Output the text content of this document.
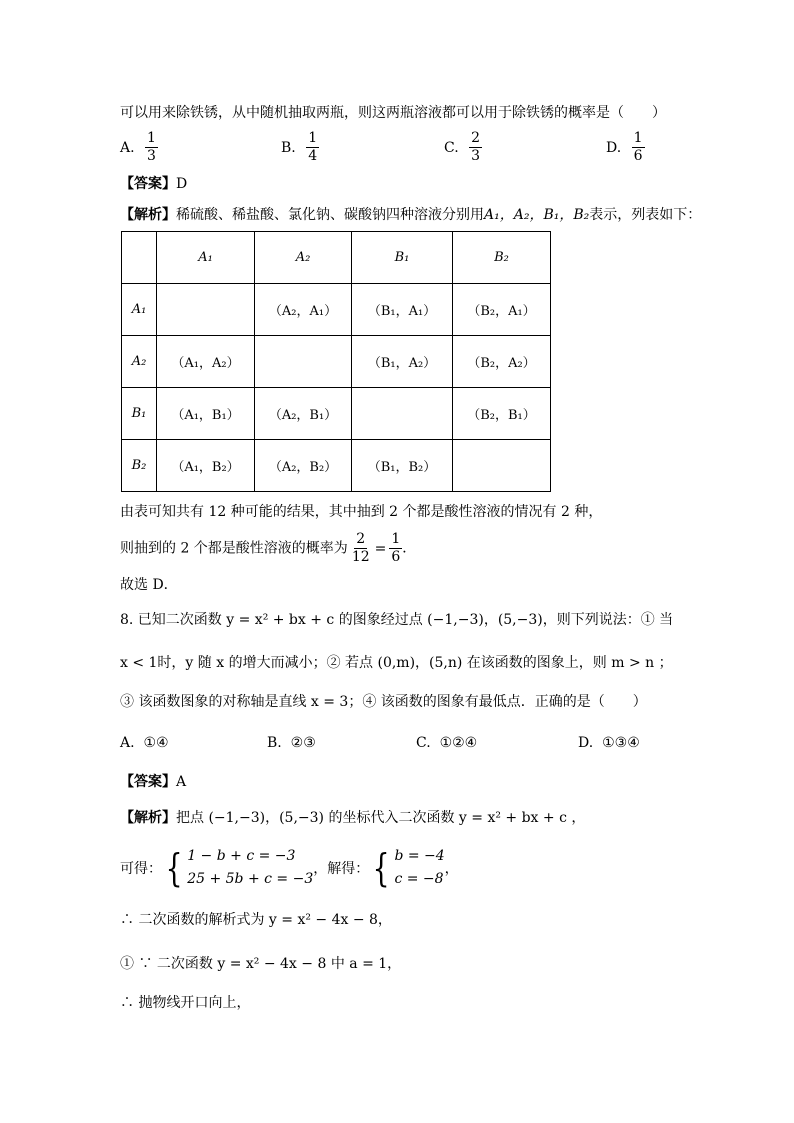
可以用来除铁锈，从中随机抽取两瓶，则这两瓶溶液都可以用于除铁锈的概率是（　　）
A. $\frac{1}{3}$	B. $\frac{1}{4}$	C. $\frac{2}{3}$	D. $\frac{1}{6}$
【答案】D
【解析】稀硫酸、稀盐酸、氯化钠、碳酸钠四种溶液分别用A₁，A₂，B₁，B₂表示，列表如下：
	A₁	A₂	B₁	B₂
A₁		（A₂，A₁）	（B₁，A₁）	（B₂，A₁）
A₂	（A₁，A₂）		（B₁，A₂）	（B₂，A₂）
B₁	（A₁，B₁）	（A₂，B₁）		（B₂，B₁）
B₂	（A₁，B₂）	（A₂，B₂）	（B₁，B₂）	
由表可知共有 12 种可能的结果，其中抽到 2 个都是酸性溶液的情况有 2 种，
则抽到的 2 个都是酸性溶液的概率为 $\frac{2}{12} = \frac{1}{6}$ ．
故选 D．
8. 已知二次函数 y = x² + bx + c 的图象经过点 (−1,−3)，(5,−3)，则下列说法：① 当
x < 1时，y 随 x 的增大而减小；② 若点 (0,m)，(5,n) 在该函数的图象上，则 m > n ；
③ 该函数图象的对称轴是直线 x = 3；④ 该函数的图象有最低点．正确的是（　　）
A. ①④	B. ②③	C. ①②④	D. ①③④
【答案】A
【解析】把点 (−1,−3)，(5,−3) 的坐标代入二次函数 y = x² + bx + c ，
可得： { 1 − b + c = −3
25 + 5b + c = −3
，解得： { b = −4
c = −8
，
∴ 二次函数的解析式为 y = x² − 4x − 8，
① ∵ 二次函数 y = x² − 4x − 8 中 a = 1，
∴ 抛物线开口向上，
